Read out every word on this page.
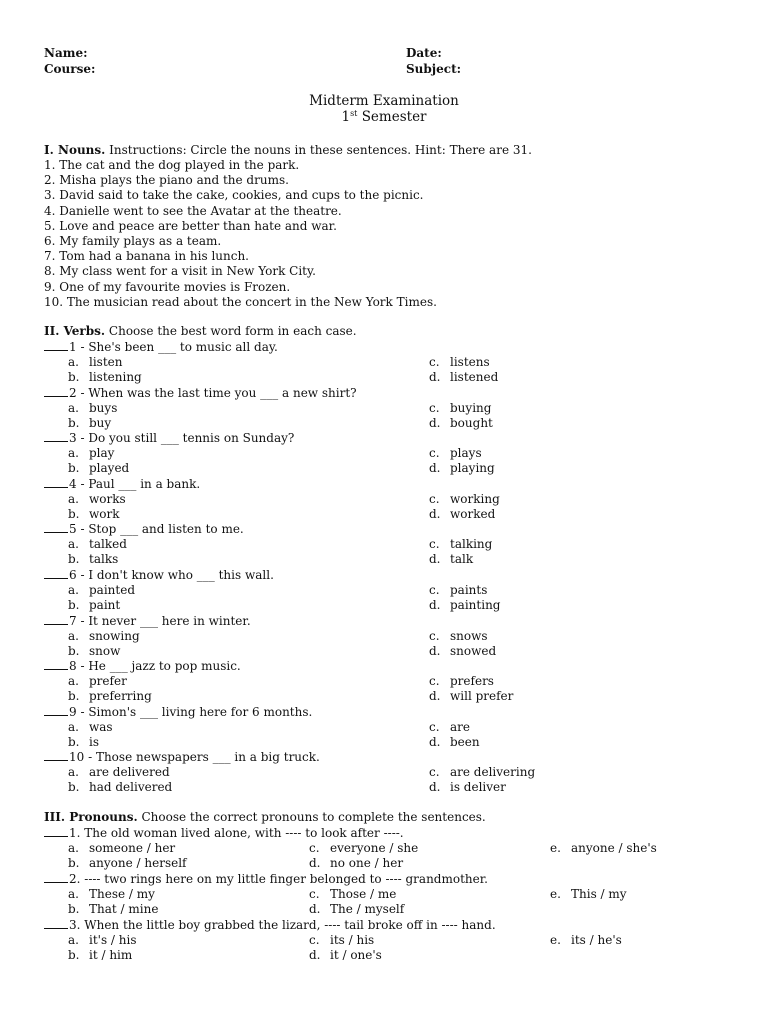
Name:	Date:
Course:	Subject:
Midterm Examination
1st Semester
I. Nouns. Instructions: Circle the nouns in these sentences. Hint: There are 31.
1. The cat and the dog played in the park.
2. Misha plays the piano and the drums.
3. David said to take the cake, cookies, and cups to the picnic.
4. Danielle went to see the Avatar at the theatre.
5. Love and peace are better than hate and war.
6. My family plays as a team.
7. Tom had a banana in his lunch.
8. My class went for a visit in New York City.
9. One of my favourite movies is Frozen.
10. The musician read about the concert in the New York Times.
II. Verbs. Choose the best word form in each case.
1 - She's been ___ to music all day.
a. listen
b. listening
c. listens
d. listened
2 - When was the last time you ___ a new shirt?
a. buys
b. buy
c. buying
d. bought
3 - Do you still ___ tennis on Sunday?
a. play
b. played
c. plays
d. playing
4 - Paul ___ in a bank.
a. works
b. work
c. working
d. worked
5 - Stop ___ and listen to me.
a. talked
b. talks
c. talking
d. talk
6 - I don't know who ___ this wall.
a. painted
b. paint
c. paints
d. painting
7 - It never ___ here in winter.
a. snowing
b. snow
c. snows
d. snowed
8 - He ___ jazz to pop music.
a. prefer
b. preferring
c. prefers
d. will prefer
9 - Simon's ___ living here for 6 months.
a. was
b. is
c. are
d. been
10 - Those newspapers ___ in a big truck.
a. are delivered
b. had delivered
c. are delivering
d. is deliver
III. Pronouns. Choose the correct pronouns to complete the sentences.
1. The old woman lived alone, with ---- to look after ----.
a. someone / her
b. anyone / herself
c. everyone / she
d. no one / her
e. anyone / she's
2. ---- two rings here on my little finger belonged to ---- grandmother.
a. These / my
b. That / mine
c. Those / me
d. The / myself
e. This / my
3. When the little boy grabbed the lizard, ---- tail broke off in ---- hand.
a. it's / his
b. it / him
c. its / his
d. it / one's
e. its / he's
